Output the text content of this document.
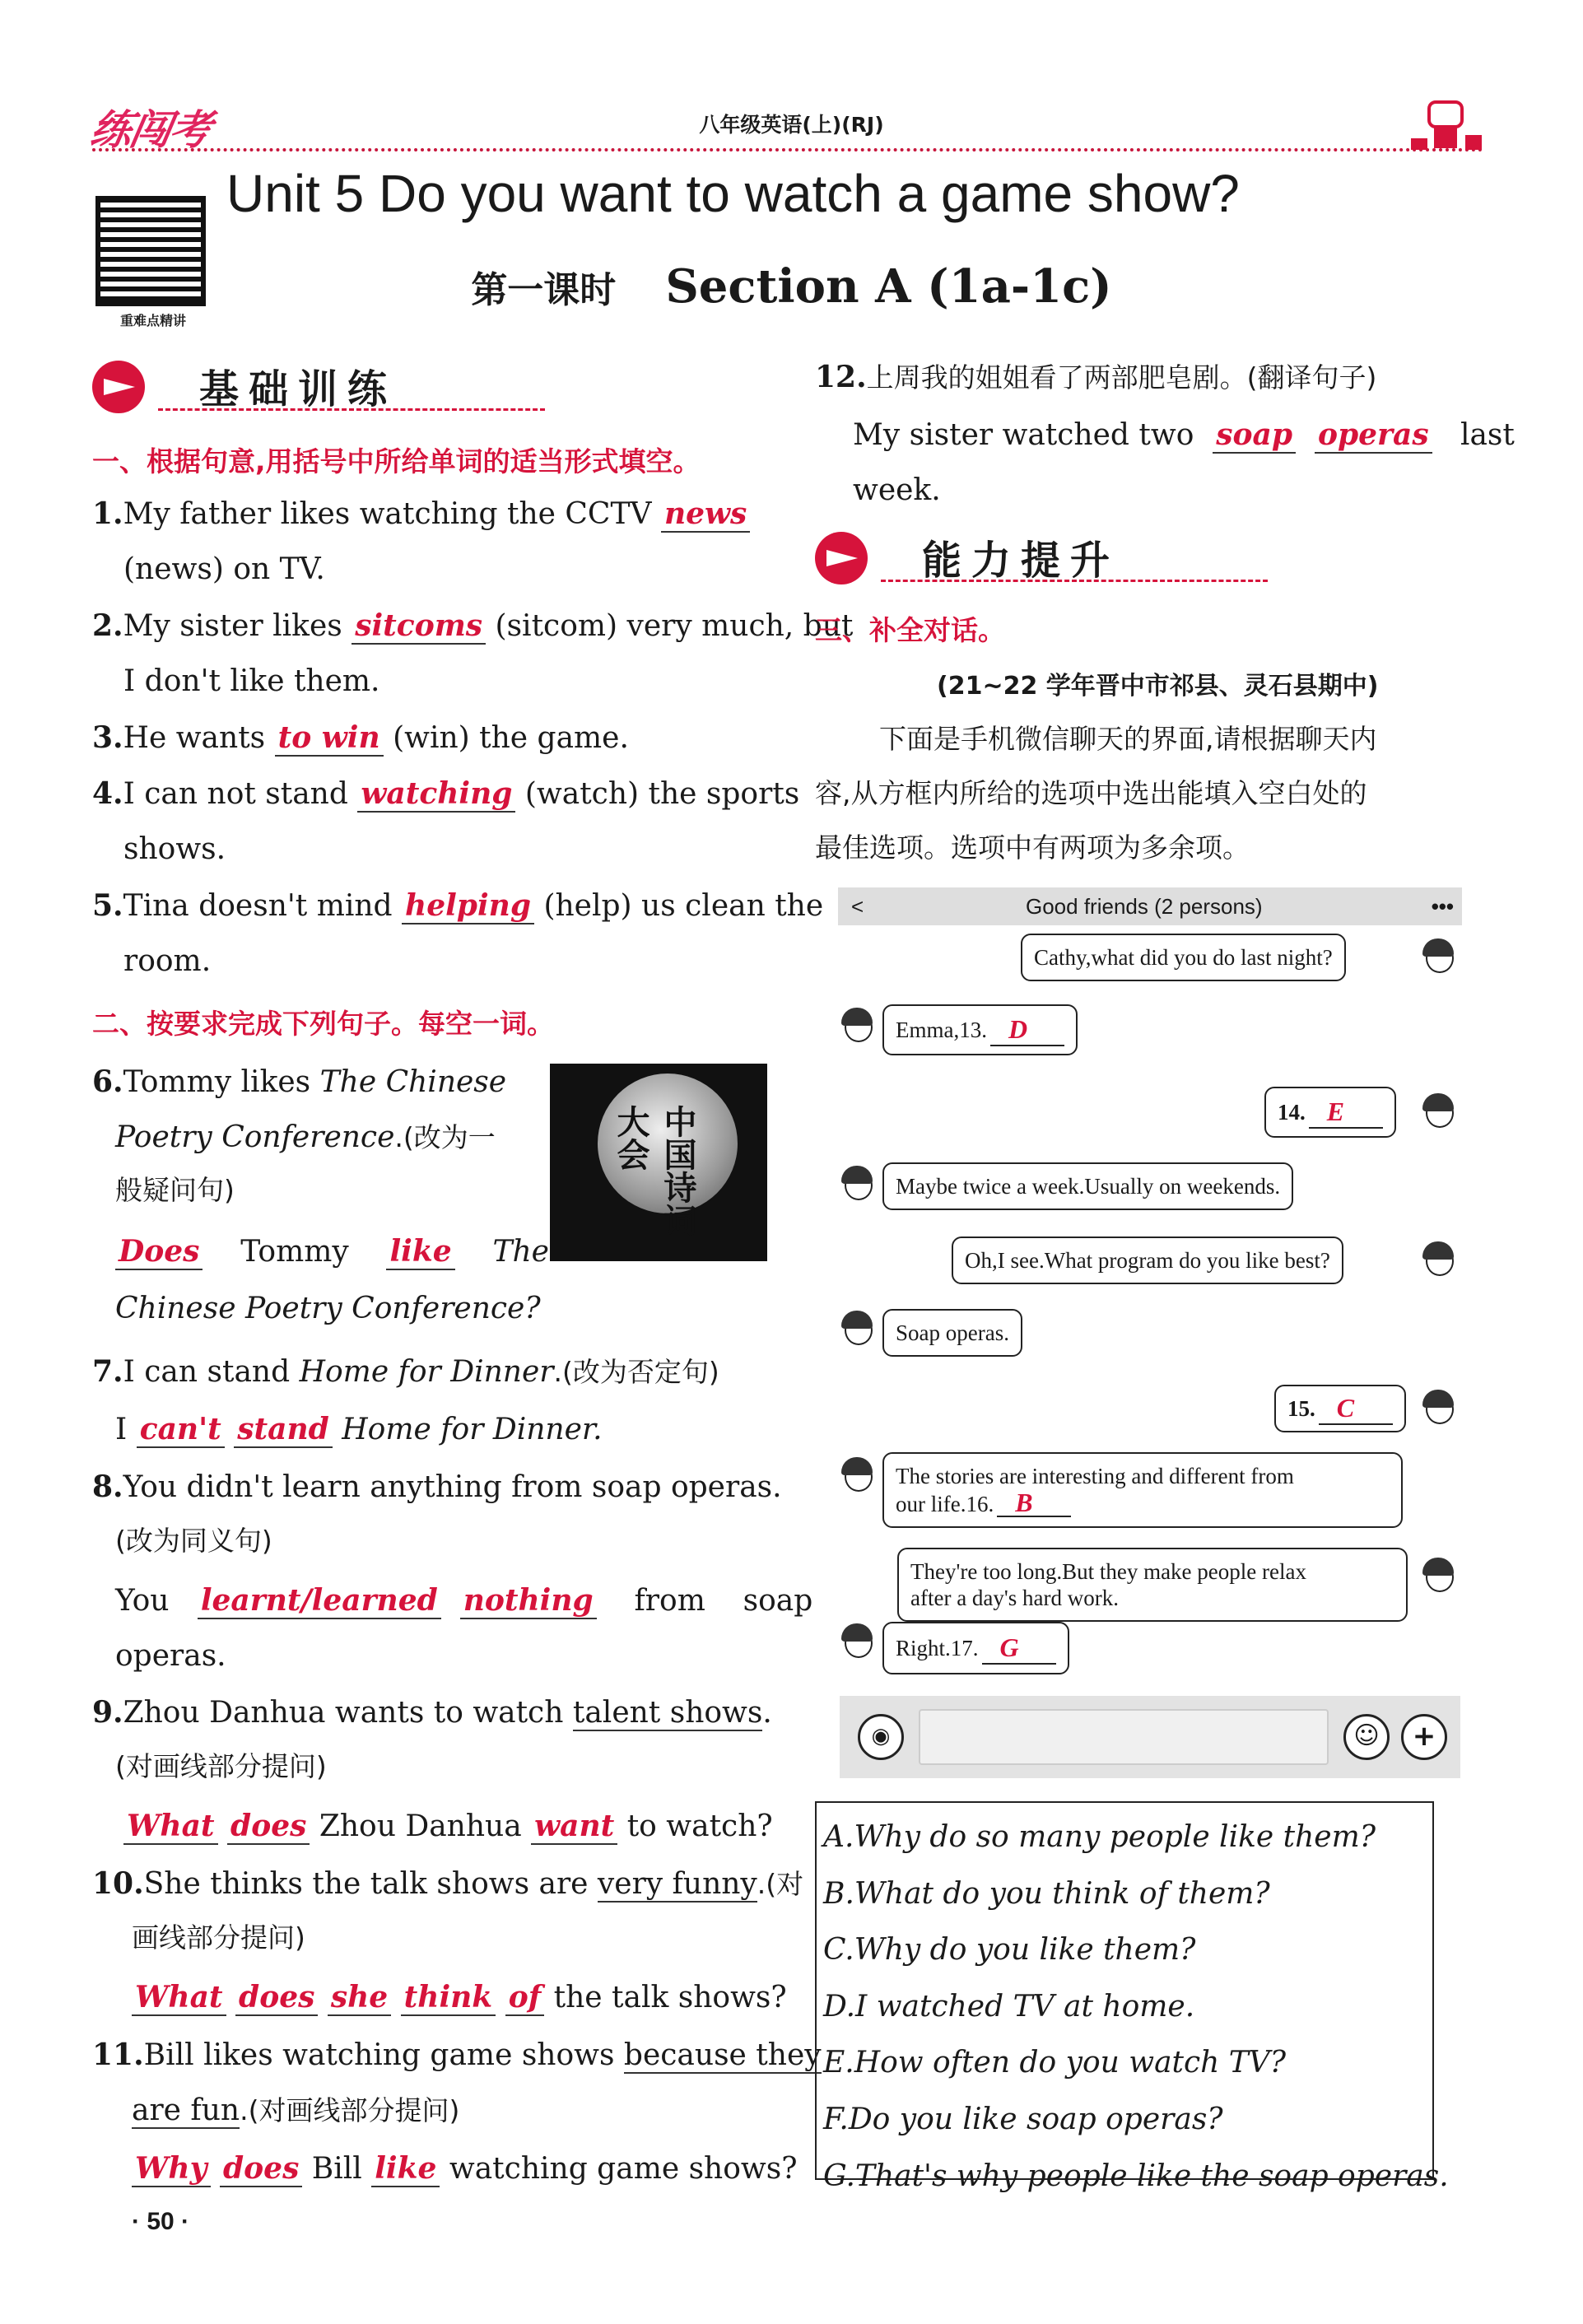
练闯考	八年级英语(上)(RJ)
重难点精讲
Unit 5 Do you want to watch a game show?
第一课时 Section A (1a-1c)
基础训练
一、根据句意,用括号中所给单词的适当形式填空。
1.My father likes watching the CCTV news
(news) on TV.
2.My sister likes sitcoms (sitcom) very much, but
I don't like them.
3.He wants to win (win) the game.
4.I can not stand watching (watch) the sports
shows.
5.Tina doesn't mind helping (help) us clean the
room.
二、按要求完成下列句子。每空一词。
6.Tommy likes The Chinese
Poetry Conference.(改为一
般疑问句)
Does Tommy like The
Chinese Poetry Conference?
中国诗词大会
7.I can stand Home for Dinner.(改为否定句)
I can't stand Home for Dinner.
8.You didn't learn anything from soap operas.
(改为同义句)
You learnt/learned nothing from soap
operas.
9.Zhou Danhua wants to watch talent shows.
(对画线部分提问)
What does Zhou Danhua want to watch?
10.She thinks the talk shows are very funny.(对
画线部分提问)
What does she think of the talk shows?
11.Bill likes watching game shows because they
are fun.(对画线部分提问)
Why does Bill like watching game shows?
· 50 ·
12.上周我的姐姐看了两部肥皂剧。(翻译句子)
My sister watched two soap operas last
week.
能力提升
三、补全对话。
(21~22 学年晋中市祁县、灵石县期中)
下面是手机微信聊天的界面,请根据聊天内
容,从方框内所给的选项中选出能填入空白处的
最佳选项。选项中有两项为多余项。
<	Good friends (2 persons)	•••
Cathy,what did you do last night?
Emma,13. D
14. E
Maybe twice a week.Usually on weekends.
Oh,I see.What program do you like best?
Soap operas.
15. C
The stories are interesting and different from
our life.16. B
They're too long.But they make people relax
after a day's hard work.
Right.17. G
◉	☺	+
A.Why do so many people like them?
B.What do you think of them?
C.Why do you like them?
D.I watched TV at home.
E.How often do you watch TV?
F.Do you like soap operas?
G.That's why people like the soap operas.
